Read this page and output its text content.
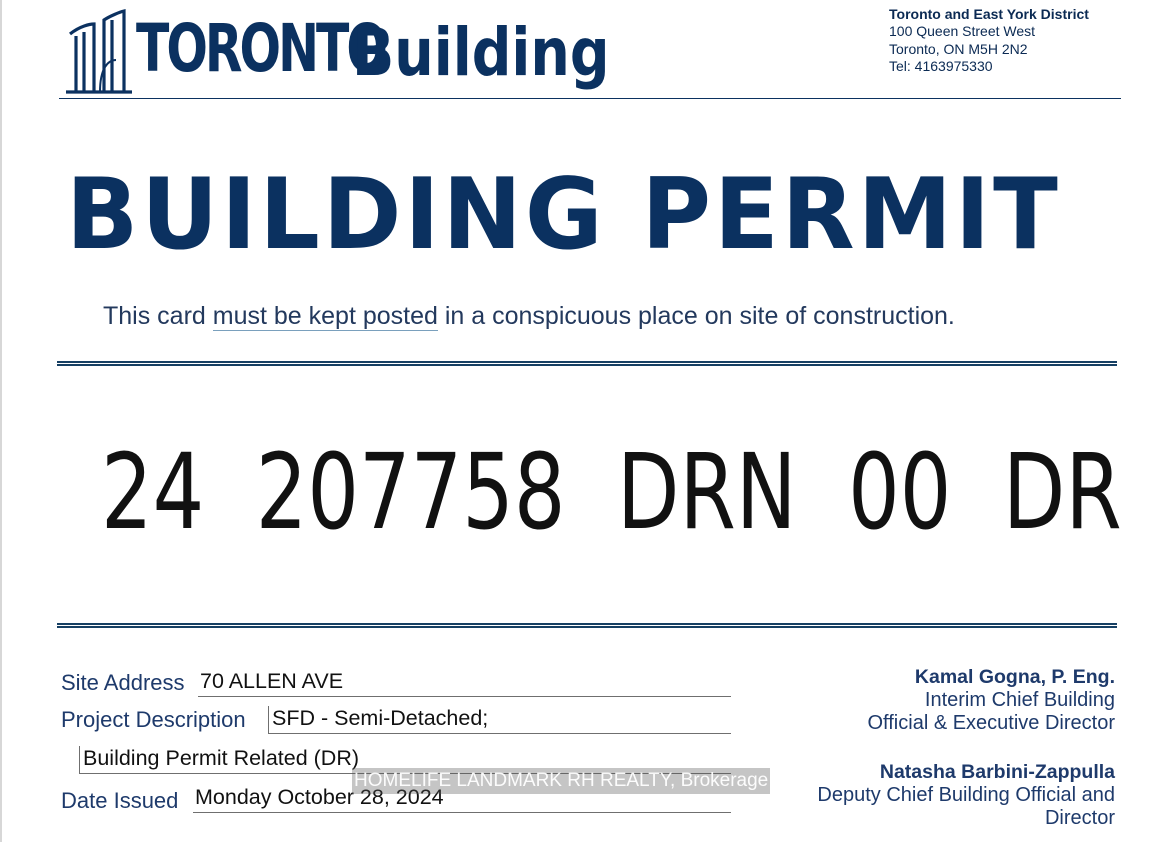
TORONTO
Building	Toronto and East York District
100 Queen Street West
Toronto, ON M5H 2N2
Tel: 4163975330
BUILDING PERMIT
This card must be kept posted in a conspicuous place on site of construction.
24  207758  DRN  00  DR
Site Address 70 ALLEN AVE
Project Description SFD - Semi-Detached;
Building Permit Related (DR)
Date Issued Monday October 28, 2024
Kamal Gogna, P. Eng.
Interim Chief Building
Official & Executive Director
Natasha Barbini-Zappulla
Deputy Chief Building Official and
Director
HOMELIFE LANDMARK RH REALTY, Brokerage
